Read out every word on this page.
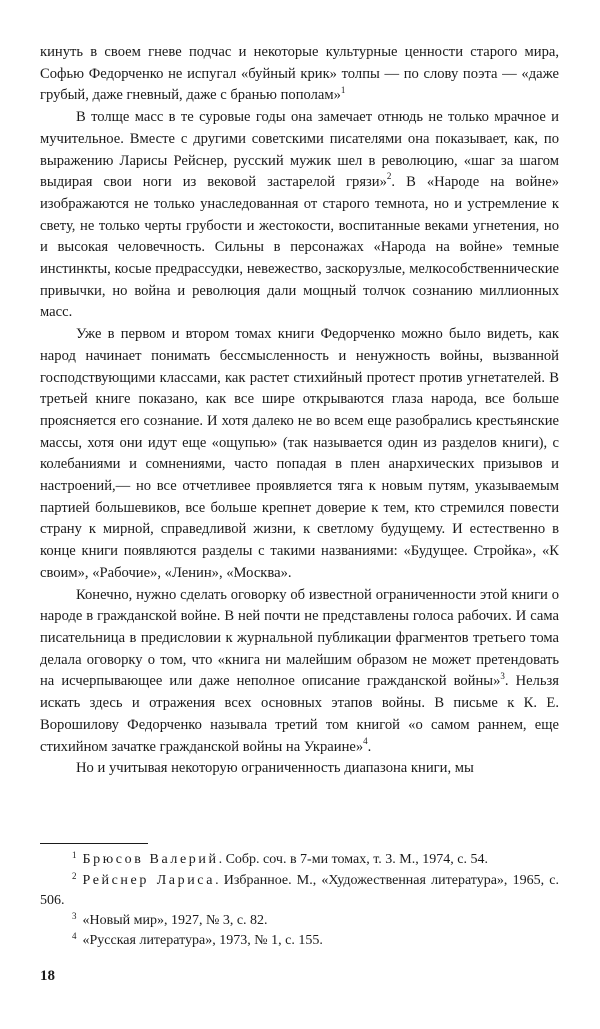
кинуть в своем гневе подчас и некоторые культурные ценности старого мира, Софью Федорченко не испугал «буйный крик» толпы — по слову поэта — «даже грубый, даже гневный, даже с бранью пополам»$^1$

В толще масс в те суровые годы она замечает отнюдь не только мрачное и мучительное. Вместе с другими советскими писателями она показывает, как, по выражению Ларисы Рейснер, русский мужик шел в революцию, «шаг за шагом выдирая свои ноги из вековой застарелой грязи»$^2$. В «Народе на войне» изображаются не только унаследованная от старого темнота, но и устремление к свету, не только черты грубости и жестокости, воспитанные веками угнетения, но и высокая человечность. Сильны в персонажах «Народа на войне» темные инстинкты, косые предрассудки, невежество, заскорузлые, мелкособственнические привычки, но война и революция дали мощный толчок сознанию миллионных масс.

Уже в первом и втором томах книги Федорченко можно было видеть, как народ начинает понимать бессмысленность и ненужность войны, вызванной господствующими классами, как растет стихийный протест против угнетателей. В третьей книге показано, как все шире открываются глаза народа, все больше проясняется его сознание. И хотя далеко не во всем еще разобрались крестьянские массы, хотя они идут еще «ощупью» (так называется один из разделов книги), с колебаниями и сомнениями, часто попадая в плен анархических призывов и настроений,— но все отчетливее проявляется тяга к новым путям, указываемым партией большевиков, все больше крепнет доверие к тем, кто стремился повести страну к мирной, справедливой жизни, к светлому будущему. И естественно в конце книги появляются разделы с такими названиями: «Будущее. Стройка», «К своим», «Рабочие», «Ленин», «Москва».

Конечно, нужно сделать оговорку об известной ограниченности этой книги о народе в гражданской войне. В ней почти не представлены голоса рабочих. И сама писательница в предисловии к журнальной публикации фрагментов третьего тома делала оговорку о том, что «книга ни малейшим образом не может претендовать на исчерпывающее или даже неполное описание гражданской войны»$^3$. Нельзя искать здесь и отражения всех основных этапов войны. В письме к К. Е. Ворошилову Федорченко называла третий том книгой «о самом раннем, еще стихийном зачатке гражданской войны на Украине»$^4$.

Но и учитывая некоторую ограниченность диапазона книги, мы

$^1$ Брюсов Валерий. Собр. соч. в 7-ми томах, т. 3. М., 1974, с. 54.

$^2$ Рейснер Лариса. Избранное. М., «Художественная литература», 1965, с. 506.

$^3$ «Новый мир», 1927, № 3, с. 82.

$^4$ «Русская литература», 1973, № 1, с. 155.

18
